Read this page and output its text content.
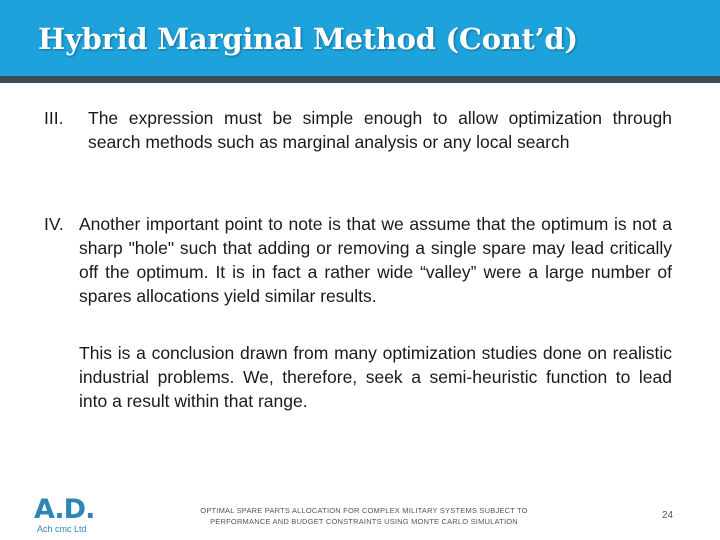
Hybrid Marginal Method (Cont’d)
III. The expression must be simple enough to allow optimization through search methods such as marginal analysis or any local search
IV. Another important point to note is that we assume that the optimum is not a sharp "hole" such that adding or removing a single spare may lead critically off the optimum. It is in fact a rather wide “valley” were a large number of spares allocations yield similar results.
This is a conclusion drawn from many optimization studies done on realistic industrial problems. We, therefore, seek a semi-heuristic function to lead into a result within that range.
A.D.
Ach cmc Ltd
OPTIMAL SPARE PARTS ALLOCATION FOR COMPLEX MILITARY SYSTEMS SUBJECT TO
PERFORMANCE AND BUDGET CONSTRAINTS USING MONTE CARLO SIMULATION
24
